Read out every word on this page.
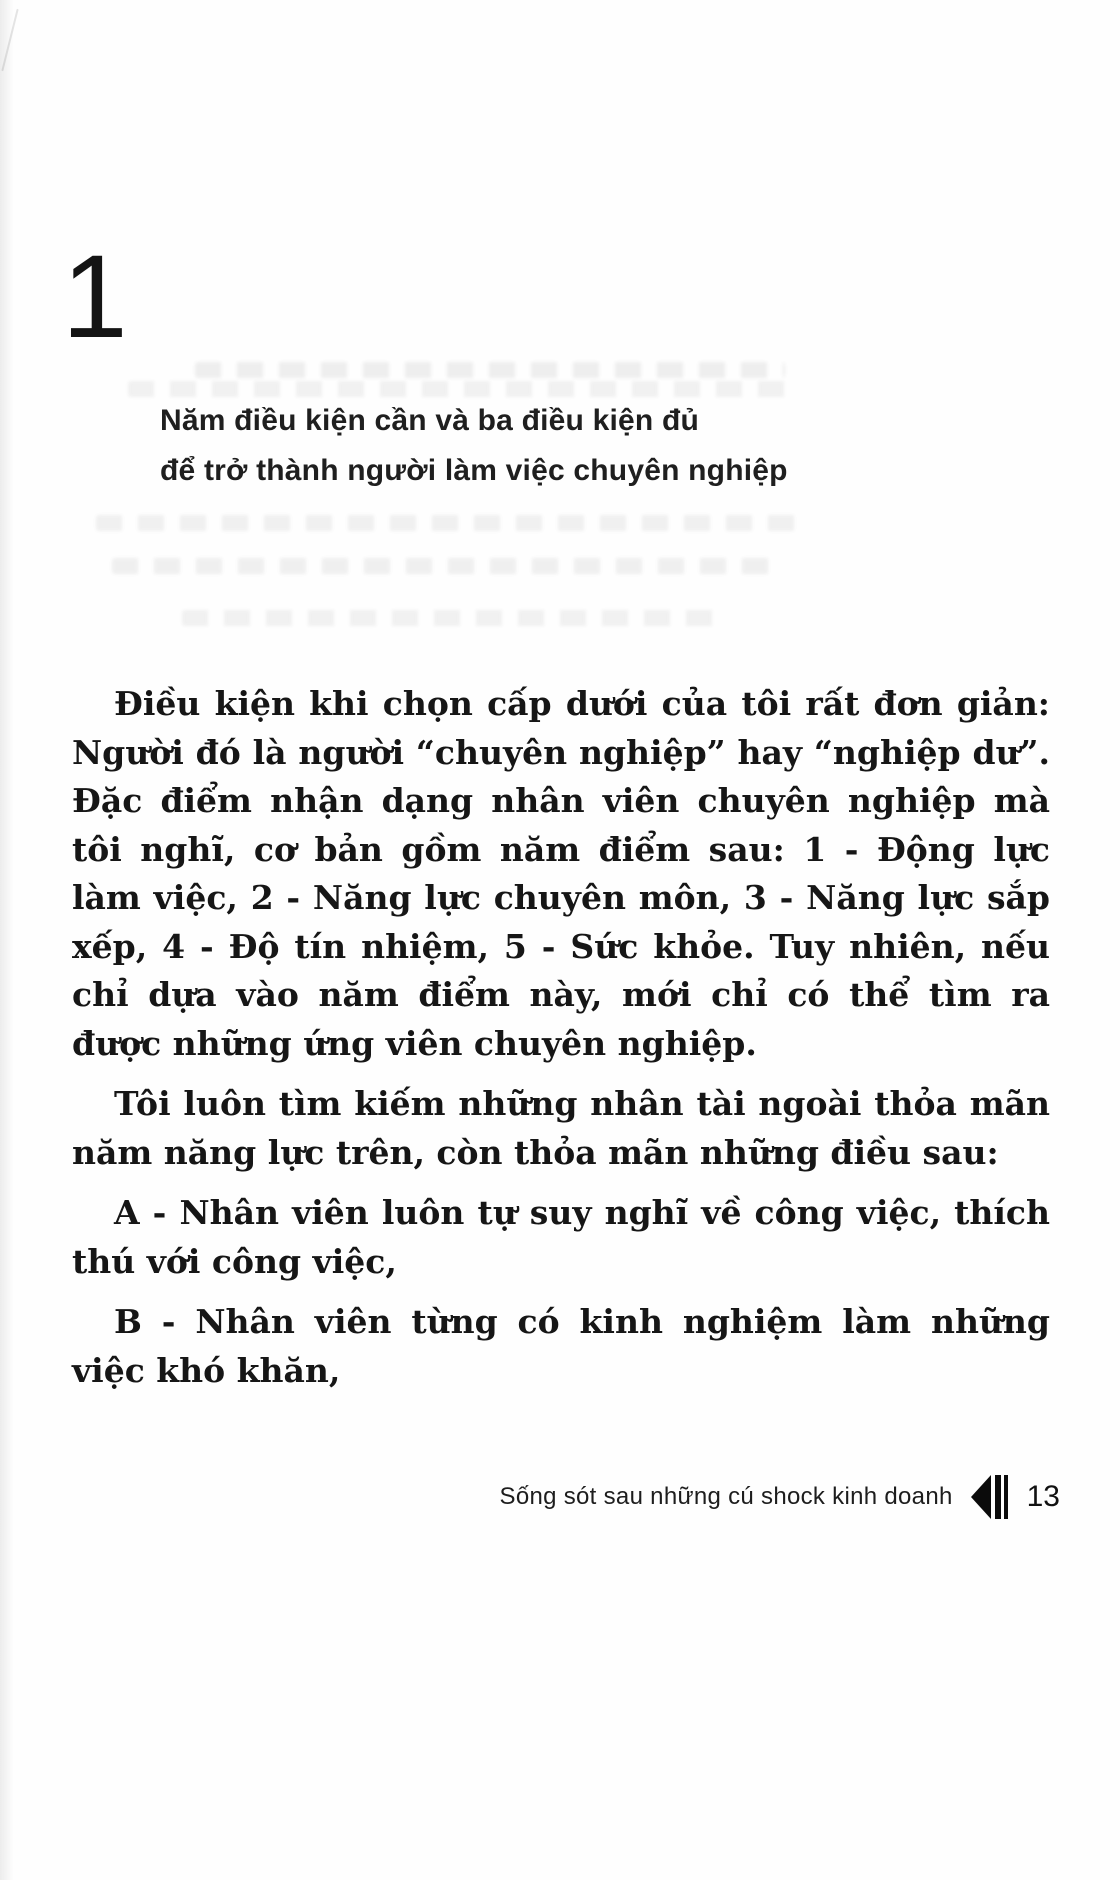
1
Năm điều kiện cần và ba điều kiện đủ
để trở thành người làm việc chuyên nghiệp

Điều kiện khi chọn cấp dưới của tôi rất đơn giản: Người đó là người “chuyên nghiệp” hay “nghiệp dư”. Đặc điểm nhận dạng nhân viên chuyên nghiệp mà tôi nghĩ, cơ bản gồm năm điểm sau: 1 - Động lực làm việc, 2 - Năng lực chuyên môn, 3 - Năng lực sắp xếp, 4 - Độ tín nhiệm, 5 - Sức khỏe. Tuy nhiên, nếu chỉ dựa vào năm điểm này, mới chỉ có thể tìm ra được những ứng viên chuyên nghiệp.

Tôi luôn tìm kiếm những nhân tài ngoài thỏa mãn năm năng lực trên, còn thỏa mãn những điều sau:

A - Nhân viên luôn tự suy nghĩ về công việc, thích thú với công việc,

B - Nhân viên từng có kinh nghiệm làm những việc khó khăn,

Sống sót sau những cú shock kinh doanh 13
